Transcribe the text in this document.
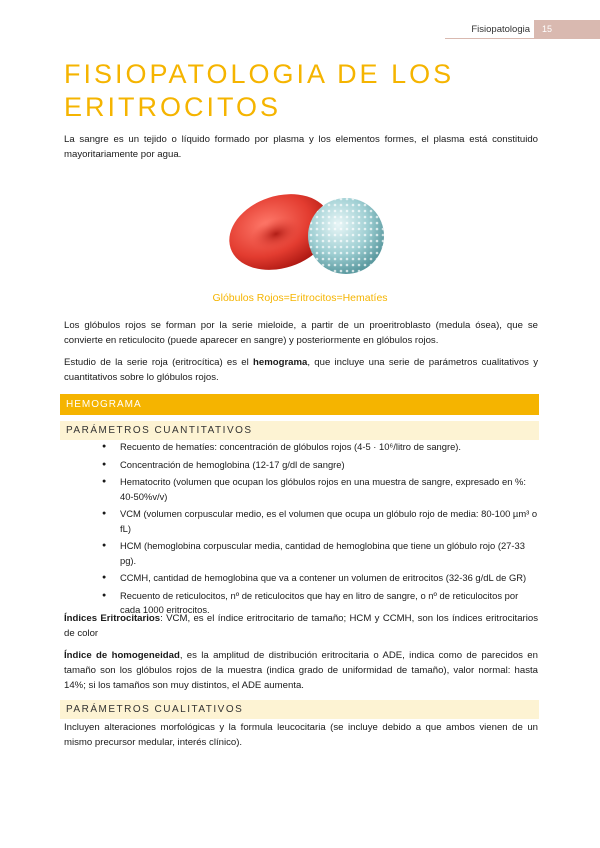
Fisiopatologia	15
FISIOPATOLOGIA DE LOS ERITROCITOS

La sangre es un tejido o líquido formado por plasma y los elementos formes, el plasma está constituido mayoritariamente por agua.

Glóbulos Rojos=Eritrocitos=Hematíes

Los glóbulos rojos se forman por la serie mieloide, a partir de un proeritroblasto (medula ósea), que se convierte en reticulocito (puede aparecer en sangre) y posteriormente en glóbulos rojos.

Estudio de la serie roja (eritrocítica) es el hemograma, que incluye una serie de parámetros cualitativos y cuantitativos sobre lo glóbulos rojos.

HEMOGRAMA
PARÁMETROS CUANTITATIVOS
● Recuento de hematíes: concentración de glóbulos rojos (4-5 · 10⁶/litro de sangre).
● Concentración de hemoglobina (12-17 g/dl de sangre)
● Hematocrito (volumen que ocupan los glóbulos rojos en una muestra de sangre, expresado en %: 40-50%v/v)
● VCM (volumen corpuscular medio, es el volumen que ocupa un glóbulo rojo de media: 80-100 µm³ o fL)
● HCM (hemoglobina corpuscular media, cantidad de hemoglobina que tiene un glóbulo rojo (27-33 pg).
● CCMH, cantidad de hemoglobina que va a contener un volumen de eritrocitos (32-36 g/dL de GR)
● Recuento de reticulocitos, nº de reticulocitos que hay en litro de sangre, o nº de reticulocitos por cada 1000 eritrocitos.

Índices Eritrocitarios: VCM, es el índice eritrocitario de tamaño; HCM y CCMH, son los índices eritrocitarios de color

Índice de homogeneidad, es la amplitud de distribución eritrocitaria o ADE, indica como de parecidos en tamaño son los glóbulos rojos de la muestra (indica grado de uniformidad de tamaño), valor normal: hasta 14%; si los tamaños son muy distintos, el ADE aumenta.

PARÁMETROS CUALITATIVOS

Incluyen alteraciones morfológicas y la formula leucocitaria (se incluye debido a que ambos vienen de un mismo precursor medular, interés clínico).
